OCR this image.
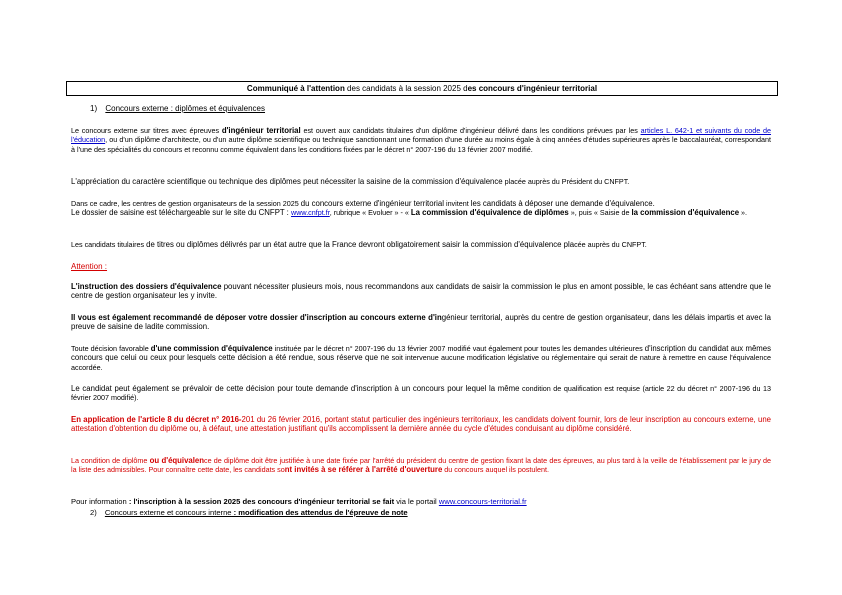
Communiqué à l'attention des candidats à la session 2025 des concours d'ingénieur territorial
1) Concours externe : diplômes et équivalences
Le concours externe sur titres avec épreuves d'ingénieur territorial est ouvert aux candidats titulaires d'un diplôme d'ingénieur délivré dans les conditions prévues par les articles L. 642-1 et suivants du code de l'éducation, ou d'un diplôme d'architecte, ou d'un autre diplôme scientifique ou technique sanctionnant une formation d'une durée au moins égale à cinq années d'études supérieures après le baccalauréat, correspondant à l'une des spécialités du concours et reconnu comme équivalent dans les conditions fixées par le décret n° 2007-196 du 13 février 2007 modifié.
L'appréciation du caractère scientifique ou technique des diplômes peut nécessiter la saisine de la commission d'équivalence placée auprès du Président du CNFPT.
Dans ce cadre, les centres de gestion organisateurs de la session 2025 du concours externe d'ingénieur territorial invitent les candidats à déposer une demande d'équivalence.
Le dossier de saisine est téléchargeable sur le site du CNFPT : www.cnfpt.fr, rubrique « Evoluer » - « La commission d'équivalence de diplômes », puis « Saisie de la commission d'équivalence ».
Les candidats titulaires de titres ou diplômes délivrés par un état autre que la France devront obligatoirement saisir la commission d'équivalence placée auprès du CNFPT.
Attention :
L'instruction des dossiers d'équivalence pouvant nécessiter plusieurs mois, nous recommandons aux candidats de saisir la commission le plus en amont possible, le cas échéant sans attendre que le centre de gestion organisateur les y invite.
Il vous est également recommandé de déposer votre dossier d'inscription au concours externe d'ingénieur territorial, auprès du centre de gestion organisateur, dans les délais impartis et avec la preuve de saisine de ladite commission.
Toute décision favorable d'une commission d'équivalence instituée par le décret n° 2007-196 du 13 février 2007 modifié vaut également pour toutes les demandes ultérieures d'inscription du candidat aux mêmes concours que celui ou ceux pour lesquels cette décision a été rendue, sous réserve que ne soit intervenue aucune modification législative ou réglementaire qui serait de nature à remettre en cause l'équivalence accordée.
Le candidat peut également se prévaloir de cette décision pour toute demande d'inscription à un concours pour lequel la même condition de qualification est requise (article 22 du décret n° 2007-196 du 13 février 2007 modifié).
En application de l'article 8 du décret n° 2016-201 du 26 février 2016, portant statut particulier des ingénieurs territoriaux, les candidats doivent fournir, lors de leur inscription au concours externe, une attestation d'obtention du diplôme ou, à défaut, une attestation justifiant qu'ils accomplissent la dernière année du cycle d'études conduisant au diplôme considéré.
La condition de diplôme ou d'équivalence de diplôme doit être justifiée à une date fixée par l'arrêté du président du centre de gestion fixant la date des épreuves, au plus tard à la veille de l'établissement par le jury de la liste des admissibles. Pour connaître cette date, les candidats sont invités à se référer à l'arrêté d'ouverture du concours auquel ils postulent.
Pour information : l'inscription à la session 2025 des concours d'ingénieur territorial se fait via le portail www.concours-territorial.fr
2) Concours externe et concours interne : modification des attendus de l'épreuve de note
